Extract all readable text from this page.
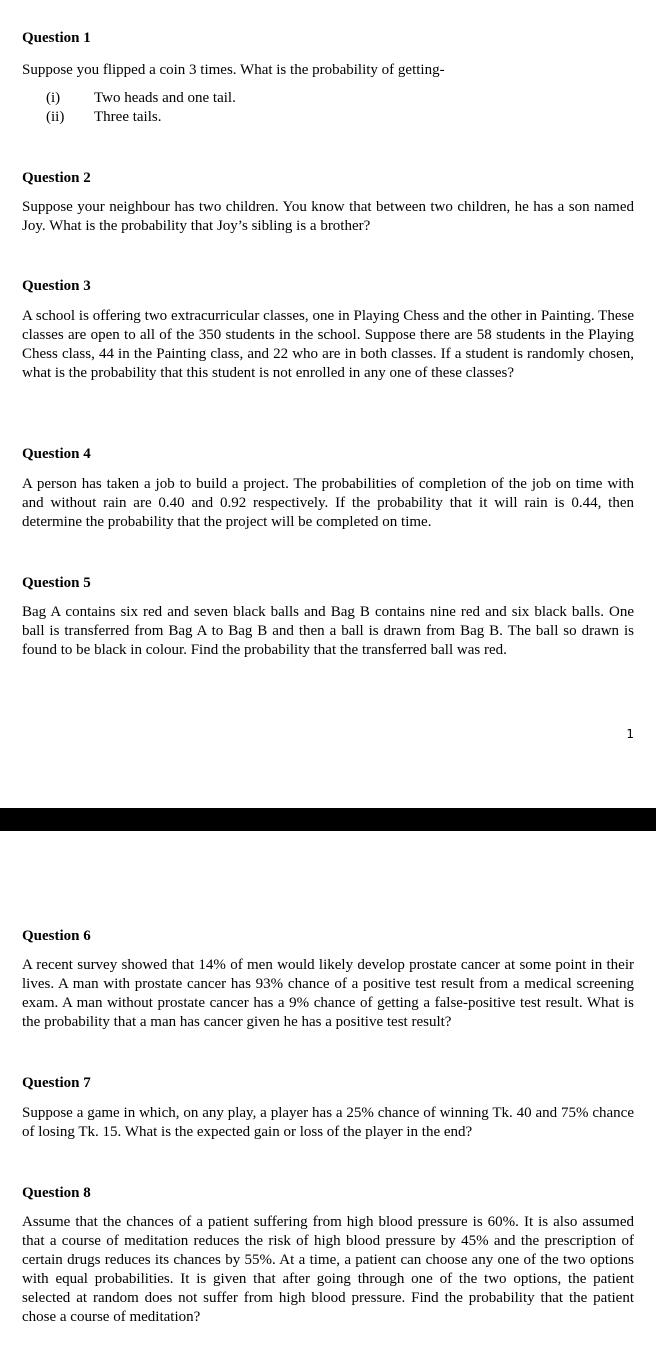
Question 1

Suppose you flipped a coin 3 times. What is the probability of getting-

(i) Two heads and one tail.
(ii) Three tails.

Question 2

Suppose your neighbour has two children. You know that between two children, he has a son named Joy. What is the probability that Joy’s sibling is a brother?

Question 3

A school is offering two extracurricular classes, one in Playing Chess and the other in Painting. These classes are open to all of the 350 students in the school. Suppose there are 58 students in the Playing Chess class, 44 in the Painting class, and 22 who are in both classes. If a student is randomly chosen, what is the probability that this student is not enrolled in any one of these classes?

Question 4

A person has taken a job to build a project. The probabilities of completion of the job on time with and without rain are 0.40 and 0.92 respectively. If the probability that it will rain is 0.44, then determine the probability that the project will be completed on time.

Question 5

Bag A contains six red and seven black balls and Bag B contains nine red and six black balls. One ball is transferred from Bag A to Bag B and then a ball is drawn from Bag B. The ball so drawn is found to be black in colour. Find the probability that the transferred ball was red.

1

Question 6

A recent survey showed that 14% of men would likely develop prostate cancer at some point in their lives. A man with prostate cancer has 93% chance of a positive test result from a medical screening exam. A man without prostate cancer has a 9% chance of getting a false-positive test result. What is the probability that a man has cancer given he has a positive test result?

Question 7

Suppose a game in which, on any play, a player has a 25% chance of winning Tk. 40 and 75% chance of losing Tk. 15. What is the expected gain or loss of the player in the end?

Question 8

Assume that the chances of a patient suffering from high blood pressure is 60%. It is also assumed that a course of meditation reduces the risk of high blood pressure by 45% and the prescription of certain drugs reduces its chances by 55%. At a time, a patient can choose any one of the two options with equal probabilities. It is given that after going through one of the two options, the patient selected at random does not suffer from high blood pressure. Find the probability that the patient chose a course of meditation?
